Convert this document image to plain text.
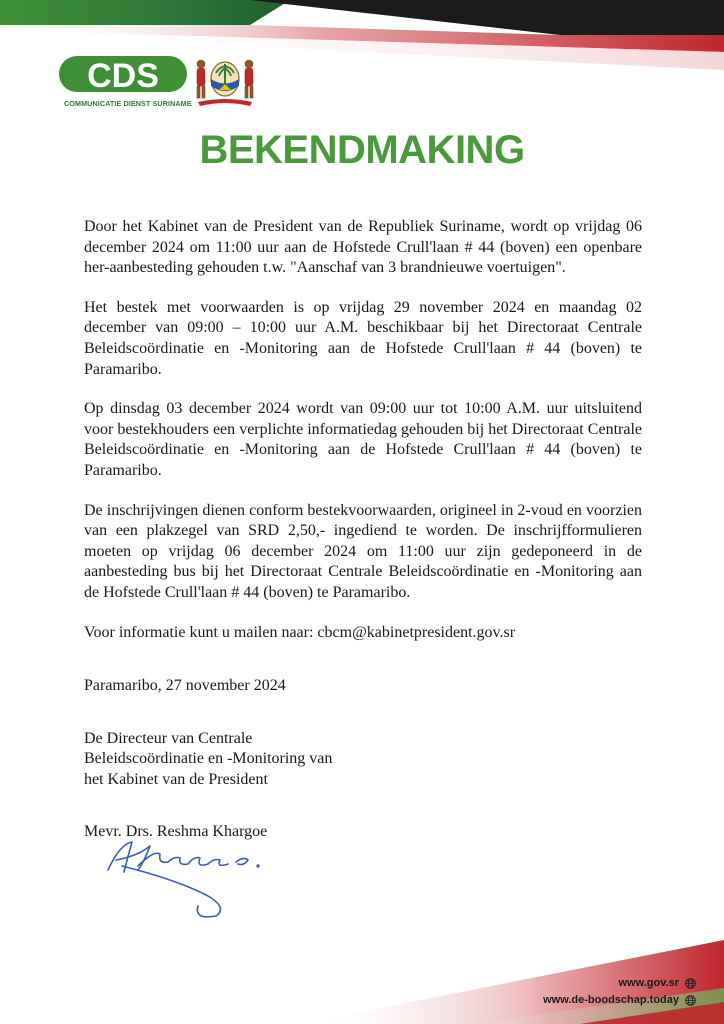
CDS
COMMUNICATIE DIENST SURINAME
BEKENDMAKING

Door het Kabinet van de President van de Republiek Suriname, wordt op vrijdag 06 december 2024 om 11:00 uur aan de Hofstede Crull'laan # 44 (boven) een openbare her-aanbesteding gehouden t.w. "Aanschaf van 3 brandnieuwe voertuigen".

Het bestek met voorwaarden is op vrijdag 29 november 2024 en maandag 02 december van 09:00 – 10:00 uur A.M. beschikbaar bij het Directoraat Centrale Beleidscoördinatie en -Monitoring aan de Hofstede Crull'laan # 44 (boven) te Paramaribo.

Op dinsdag 03 december 2024 wordt van 09:00 uur tot 10:00 A.M. uur uitsluitend voor bestekhouders een verplichte informatiedag gehouden bij het Directoraat Centrale Beleidscoördinatie en -Monitoring aan de Hofstede Crull'laan # 44 (boven) te Paramaribo.

De inschrijvingen dienen conform bestekvoorwaarden, origineel in 2-voud en voorzien van een plakzegel van SRD 2,50,- ingediend te worden. De inschrijfformulieren moeten op vrijdag 06 december 2024 om 11:00 uur zijn gedeponeerd in de aanbesteding bus bij het Directoraat Centrale Beleidscoördinatie en -Monitoring aan de Hofstede Crull'laan # 44 (boven) te Paramaribo.

Voor informatie kunt u mailen naar: cbcm@kabinetpresident.gov.sr

Paramaribo, 27 november 2024

De Directeur van Centrale
Beleidscoördinatie en -Monitoring van
het Kabinet van de President
Mevr. Drs. Reshma Khargoe

www.gov.sr
www.de-boodschap.today
